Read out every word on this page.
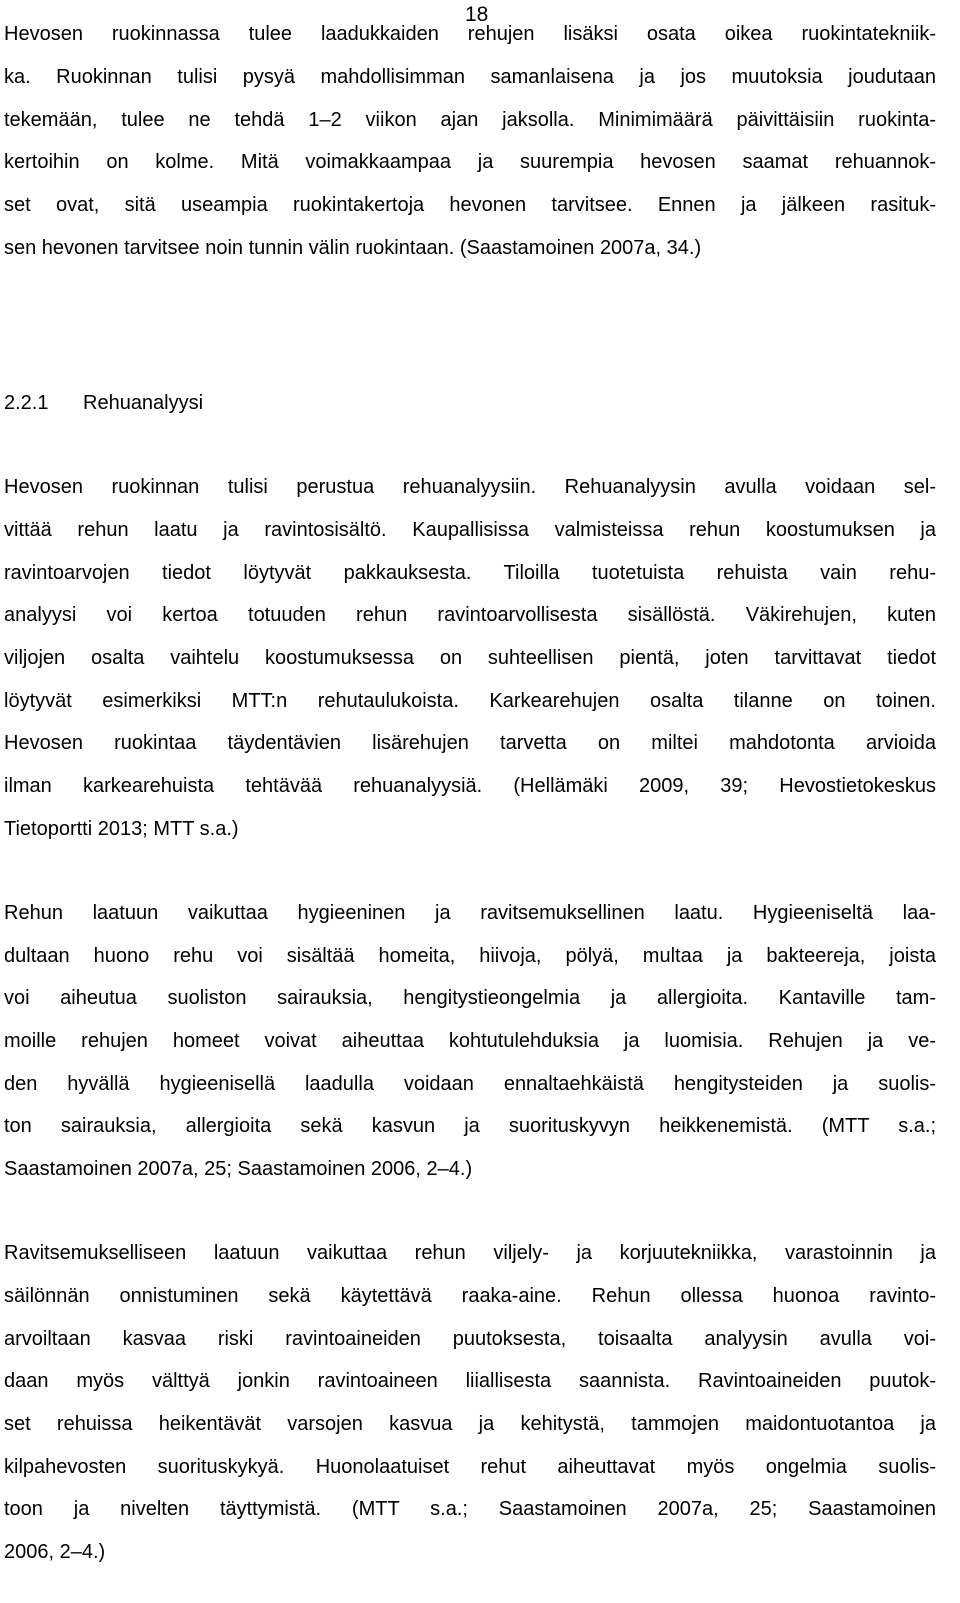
18
Hevosen ruokinnassa tulee laadukkaiden rehujen lisäksi osata oikea ruokintatekniik-
ka. Ruokinnan tulisi pysyä mahdollisimman samanlaisena ja jos muutoksia joudutaan
tekemään, tulee ne tehdä 1–2 viikon ajan jaksolla. Minimimäärä päivittäisiin ruokinta-
kertoihin on kolme. Mitä voimakkaampaa ja suurempia hevosen saamat rehuannok-
set ovat, sitä useampia ruokintakertoja hevonen tarvitsee. Ennen ja jälkeen rasituk-
sen hevonen tarvitsee noin tunnin välin ruokintaan. (Saastamoinen 2007a, 34.)
2.2.1 Rehuanalyysi
Hevosen ruokinnan tulisi perustua rehuanalyysiin. Rehuanalyysin avulla voidaan sel-
vittää rehun laatu ja ravintosisältö. Kaupallisissa valmisteissa rehun koostumuksen ja
ravintoarvojen tiedot löytyvät pakkauksesta. Tiloilla tuotetuista rehuista vain rehu-
analyysi voi kertoa totuuden rehun ravintoarvollisesta sisällöstä. Väkirehujen, kuten
viljojen osalta vaihtelu koostumuksessa on suhteellisen pientä, joten tarvittavat tiedot
löytyvät esimerkiksi MTT:n rehutaulukoista. Karkearehujen osalta tilanne on toinen.
Hevosen ruokintaa täydentävien lisärehujen tarvetta on miltei mahdotonta arvioida
ilman karkearehuista tehtävää rehuanalyysiä. (Hellämäki 2009, 39; Hevostietokeskus
Tietoportti 2013; MTT s.a.)
Rehun laatuun vaikuttaa hygieeninen ja ravitsemuksellinen laatu. Hygieeniseltä laa-
dultaan huono rehu voi sisältää homeita, hiivoja, pölyä, multaa ja bakteereja, joista
voi aiheutua suoliston sairauksia, hengitystieongelmia ja allergioita. Kantaville tam-
moille rehujen homeet voivat aiheuttaa kohtutulehduksia ja luomisia. Rehujen ja ve-
den hyvällä hygieenisellä laadulla voidaan ennaltaehkäistä hengitysteiden ja suolis-
ton sairauksia, allergioita sekä kasvun ja suorituskyvyn heikkenemistä. (MTT s.a.;
Saastamoinen 2007a, 25; Saastamoinen 2006, 2–4.)
Ravitsemukselliseen laatuun vaikuttaa rehun viljely- ja korjuutekniikka, varastoinnin ja
säilönnän onnistuminen sekä käytettävä raaka-aine. Rehun ollessa huonoa ravinto-
arvoiltaan kasvaa riski ravintoaineiden puutoksesta, toisaalta analyysin avulla voi-
daan myös välttyä jonkin ravintoaineen liiallisesta saannista. Ravintoaineiden puutok-
set rehuissa heikentävät varsojen kasvua ja kehitystä, tammojen maidontuotantoa ja
kilpahevosten suorituskykyä. Huonolaatuiset rehut aiheuttavat myös ongelmia suolis-
toon ja nivelten täyttymistä. (MTT s.a.; Saastamoinen 2007a, 25; Saastamoinen
2006, 2–4.)
